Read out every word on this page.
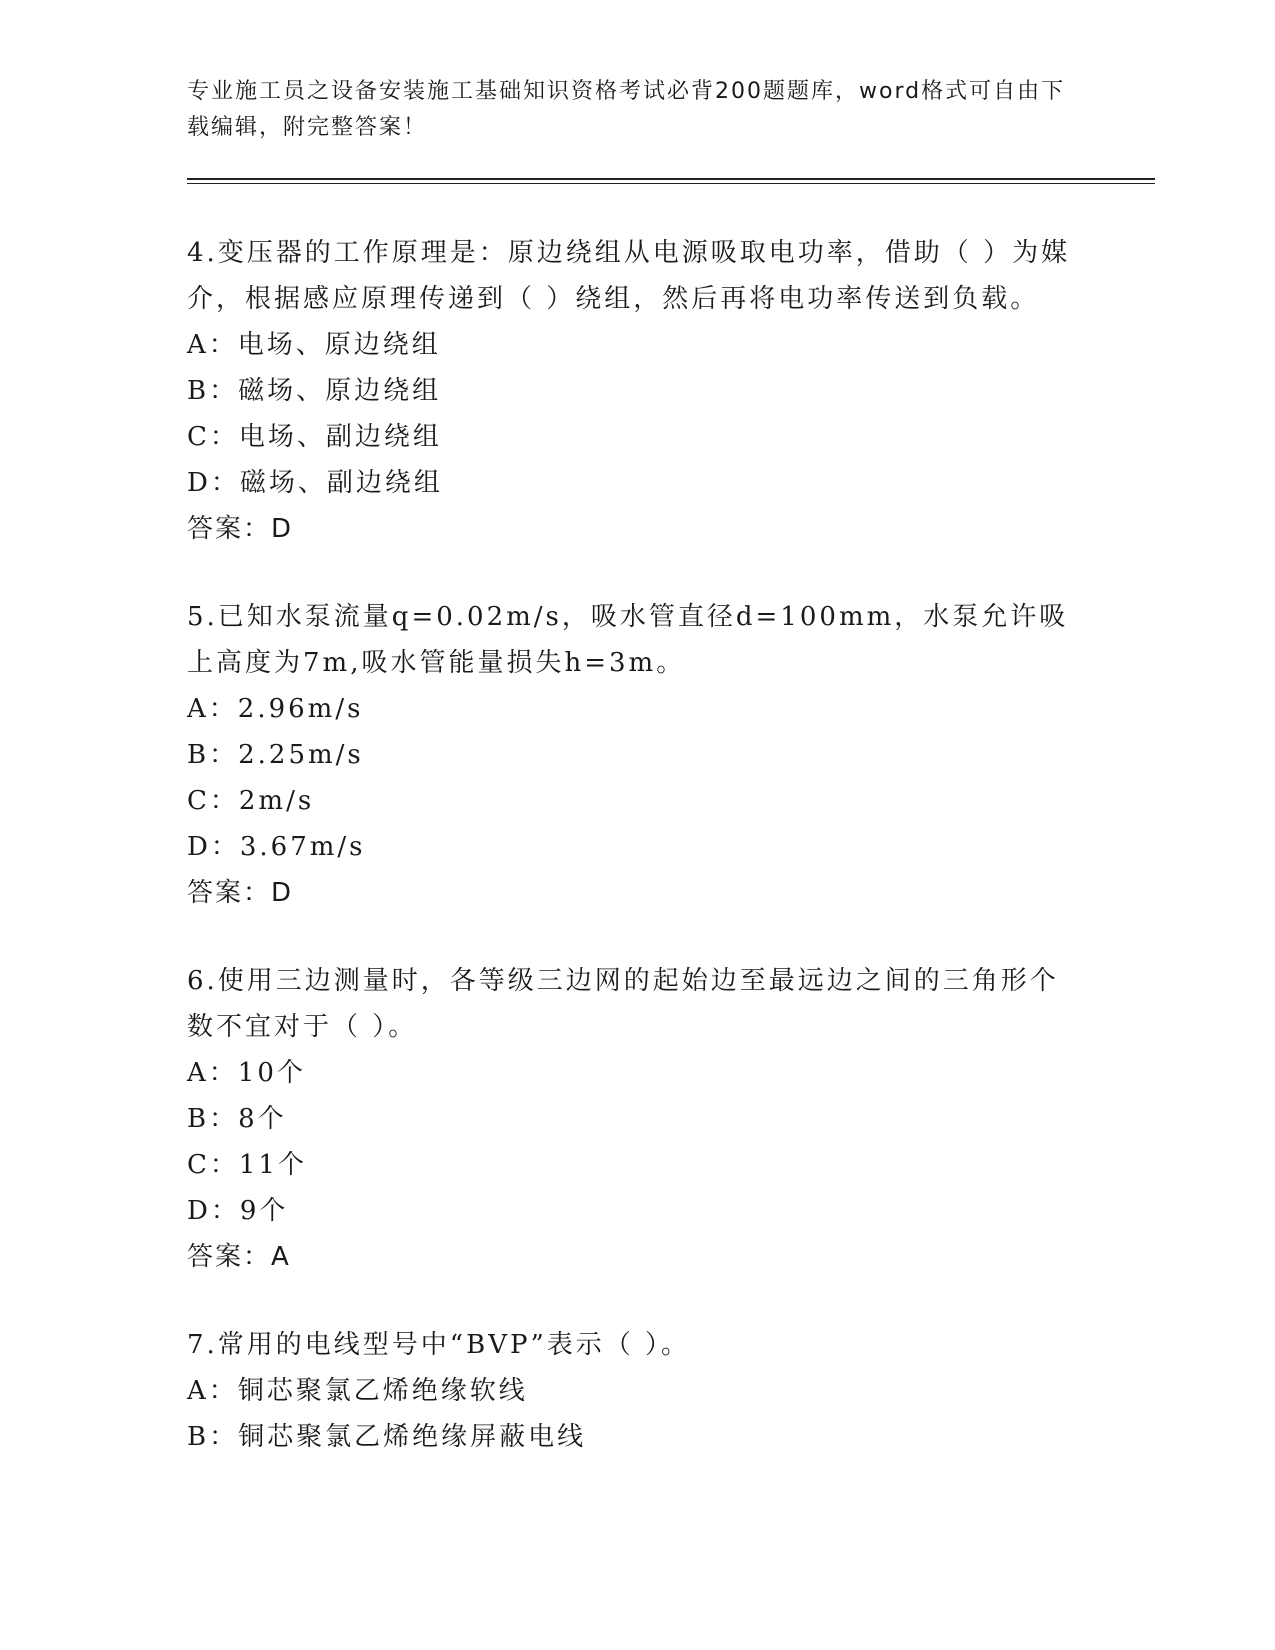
专业施工员之设备安装施工基础知识资格考试必背200题题库，word格式可自由下载编辑，附完整答案！

4.变压器的工作原理是：原边绕组从电源吸取电功率，借助（ ）为媒介，根据感应原理传递到（ ）绕组，然后再将电功率传送到负载。

A：电场、原边绕组

B：磁场、原边绕组

C：电场、副边绕组

D：磁场、副边绕组

答案：D

5.已知水泵流量q=0.02m/s，吸水管直径d=100mm，水泵允许吸上高度为7m,吸水管能量损失h=3m。

A：2.96m/s

B：2.25m/s

C：2m/s

D：3.67m/s

答案：D

6.使用三边测量时，各等级三边网的起始边至最远边之间的三角形个数不宜对于（ ）。

A：10个

B：8个

C：11个

D：9个

答案：A

7.常用的电线型号中“BVP”表示（ ）。

A：铜芯聚氯乙烯绝缘软线

B：铜芯聚氯乙烯绝缘屏蔽电线
